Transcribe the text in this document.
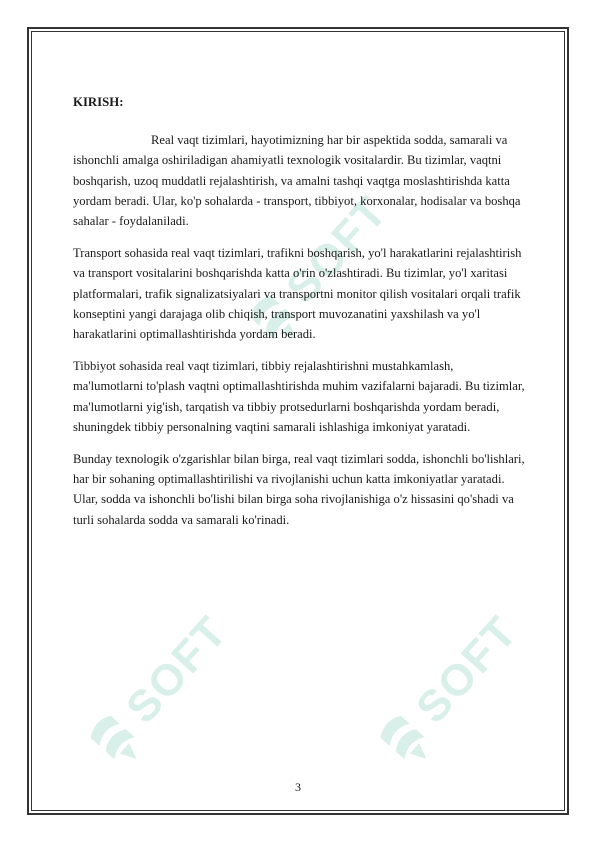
SOFT
SOFT	SOFT

KIRISH:

Real vaqt tizimlari, hayotimizning har bir aspektida sodda, samarali va ishonchli amalga oshiriladigan ahamiyatli texnologik vositalardir. Bu tizimlar, vaqtni boshqarish, uzoq muddatli rejalashtirish, va amalni tashqi vaqtga moslashtirishda katta yordam beradi. Ular, ko'p sohalarda - transport, tibbiyot, korxonalar, hodisalar va boshqa sahalar - foydalaniladi.

Transport sohasida real vaqt tizimlari, trafikni boshqarish, yo'l harakatlarini rejalashtirish va transport vositalarini boshqarishda katta o'rin o'zlashtiradi. Bu tizimlar, yo'l xaritasi platformalari, trafik signalizatsiyalari va transportni monitor qilish vositalari orqali trafik konseptini yangi darajaga olib chiqish, transport muvozanatini yaxshilash va yo'l harakatlarini optimallashtirishda yordam beradi.

Tibbiyot sohasida real vaqt tizimlari, tibbiy rejalashtirishni mustahkamlash, ma'lumotlarni to'plash vaqtni optimallashtirishda muhim vazifalarni bajaradi. Bu tizimlar, ma'lumotlarni yig'ish, tarqatish va tibbiy protsedurlarni boshqarishda yordam beradi, shuningdek tibbiy personalning vaqtini samarali ishlashiga imkoniyat yaratadi.

Bunday texnologik o'zgarishlar bilan birga, real vaqt tizimlari sodda, ishonchli bo'lishlari, har bir sohaning optimallashtirilishi va rivojlanishi uchun katta imkoniyatlar yaratadi. Ular, sodda va ishonchli bo'lishi bilan birga soha rivojlanishiga o'z hissasini qo'shadi va turli sohalarda sodda va samarali ko'rinadi.

3
